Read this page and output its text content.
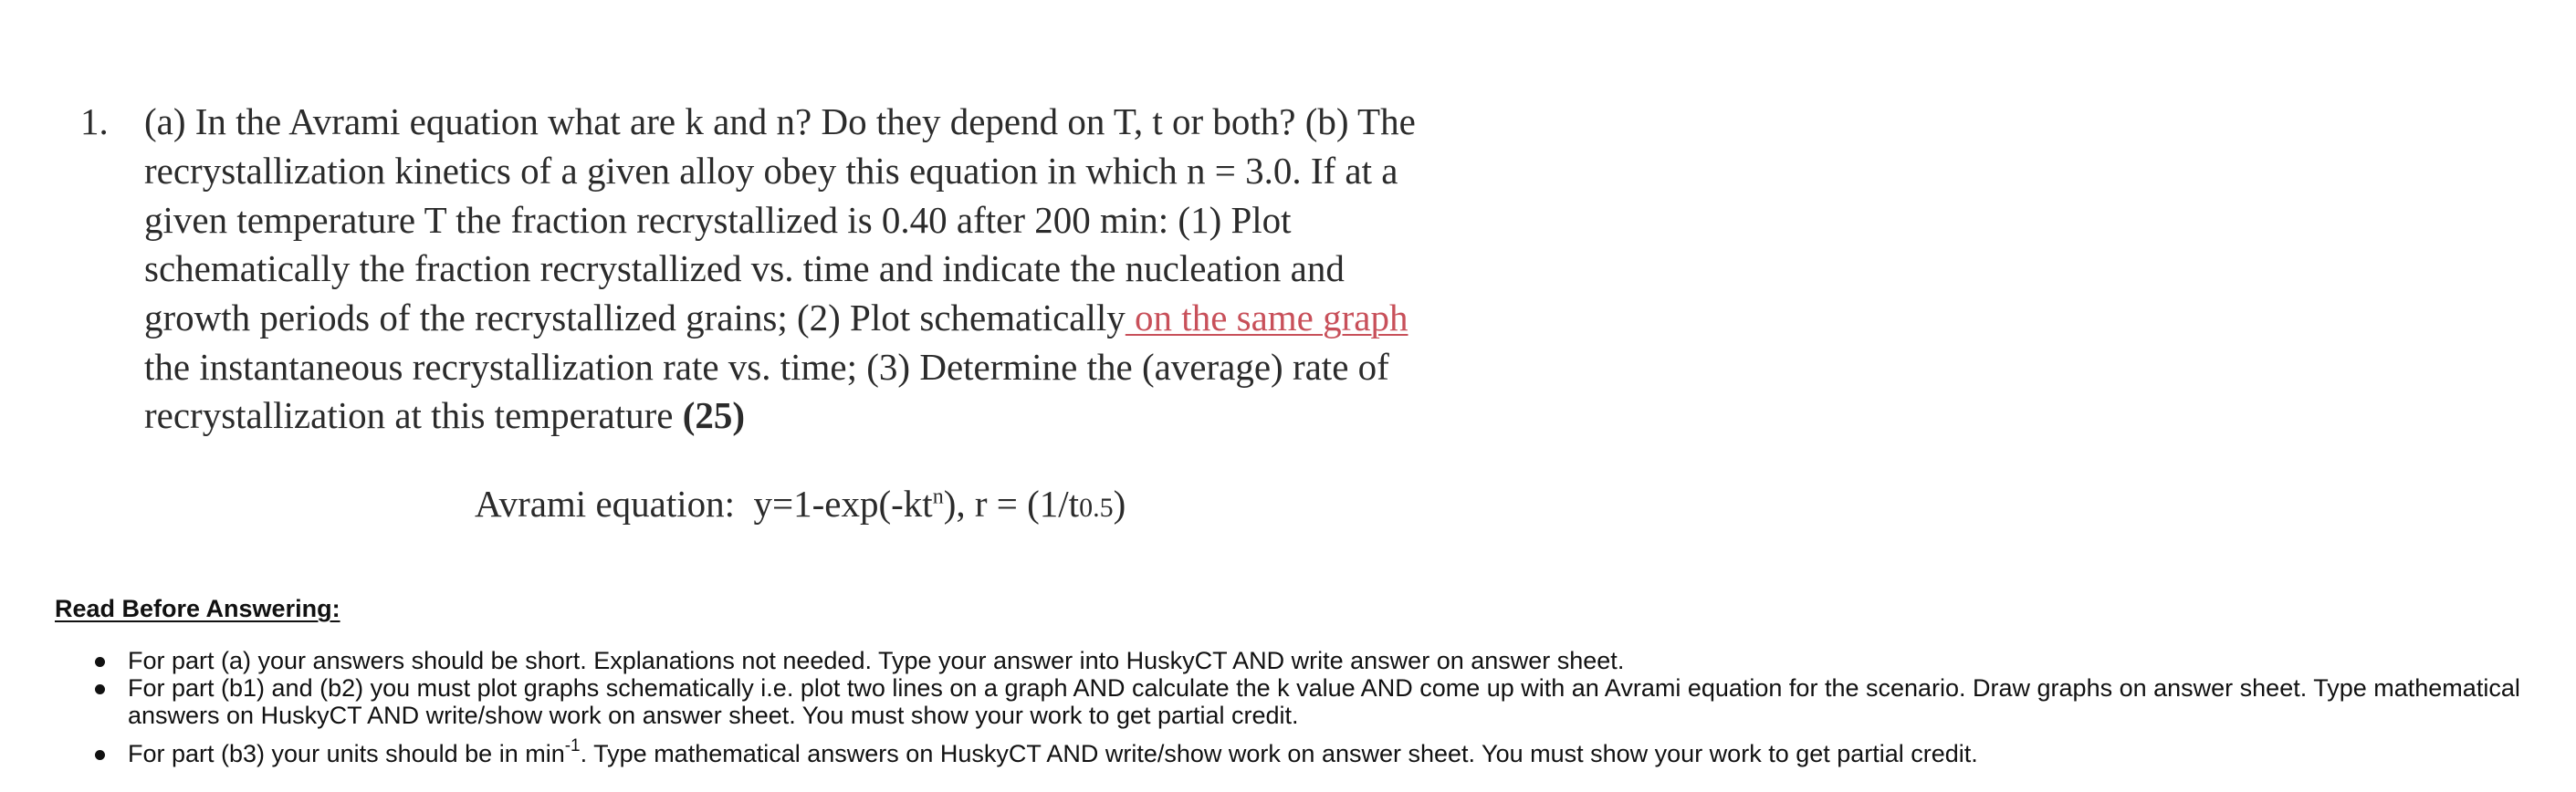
1. (a) In the Avrami equation what are k and n? Do they depend on T, t or both? (b) The
recrystallization kinetics of a given alloy obey this equation in which n = 3.0. If at a
given temperature T the fraction recrystallized is 0.40 after 200 min: (1) Plot
schematically the fraction recrystallized vs. time and indicate the nucleation and
growth periods of the recrystallized grains; (2) Plot schematically on the same graph
the instantaneous recrystallization rate vs. time; (3) Determine the (average) rate of
recrystallization at this temperature (25)
Avrami equation: $y=1-\exp(-kt^n)$, r = (1/t0.5)
Read Before Answering:
For part (a) your answers should be short. Explanations not needed. Type your answer into HuskyCT AND write answer on answer sheet.
For part (b1) and (b2) you must plot graphs schematically i.e. plot two lines on a graph AND calculate the k value AND come up with an Avrami equation for the scenario. Draw graphs on answer sheet. Type mathematical
answers on HuskyCT AND write/show work on answer sheet. You must show your work to get partial credit.
For part (b3) your units should be in $\min^{-1}$. Type mathematical answers on HuskyCT AND write/show work on answer sheet. You must show your work to get partial credit.
